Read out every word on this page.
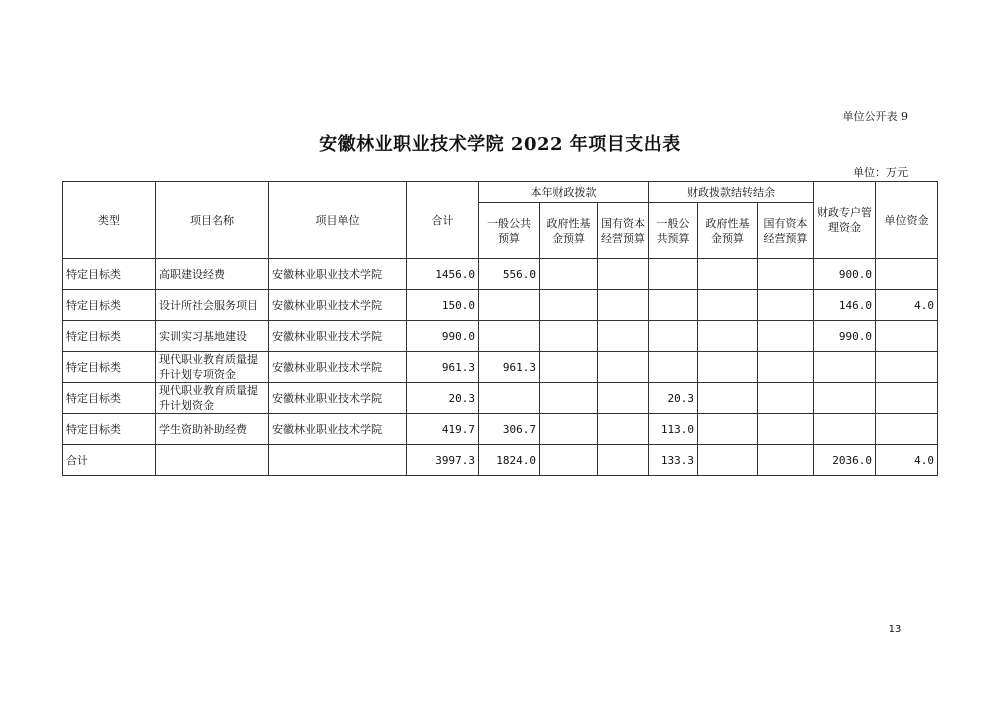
单位公开表 9
安徽林业职业技术学院 2022 年项目支出表
单位：万元
类型	项目名称	项目单位	合计	本年财政拨款			财政拨款结转结余			财政专户管理资金	单位资金
				一般公共预算	政府性基金预算	国有资本经营预算	一般公共预算	政府性基金预算	国有资本经营预算		
特定目标类	高职建设经费	安徽林业职业技术学院	1456.0	556.0						900.0	
特定目标类	设计所社会服务项目	安徽林业职业技术学院	150.0							146.0	4.0
特定目标类	实训实习基地建设	安徽林业职业技术学院	990.0							990.0	
特定目标类	现代职业教育质量提升计划专项资金	安徽林业职业技术学院	961.3	961.3							
特定目标类	现代职业教育质量提升计划资金	安徽林业职业技术学院	20.3				20.3				
特定目标类	学生资助补助经费	安徽林业职业技术学院	419.7	306.7			113.0				
合计			3997.3	1824.0			133.3			2036.0	4.0
13
